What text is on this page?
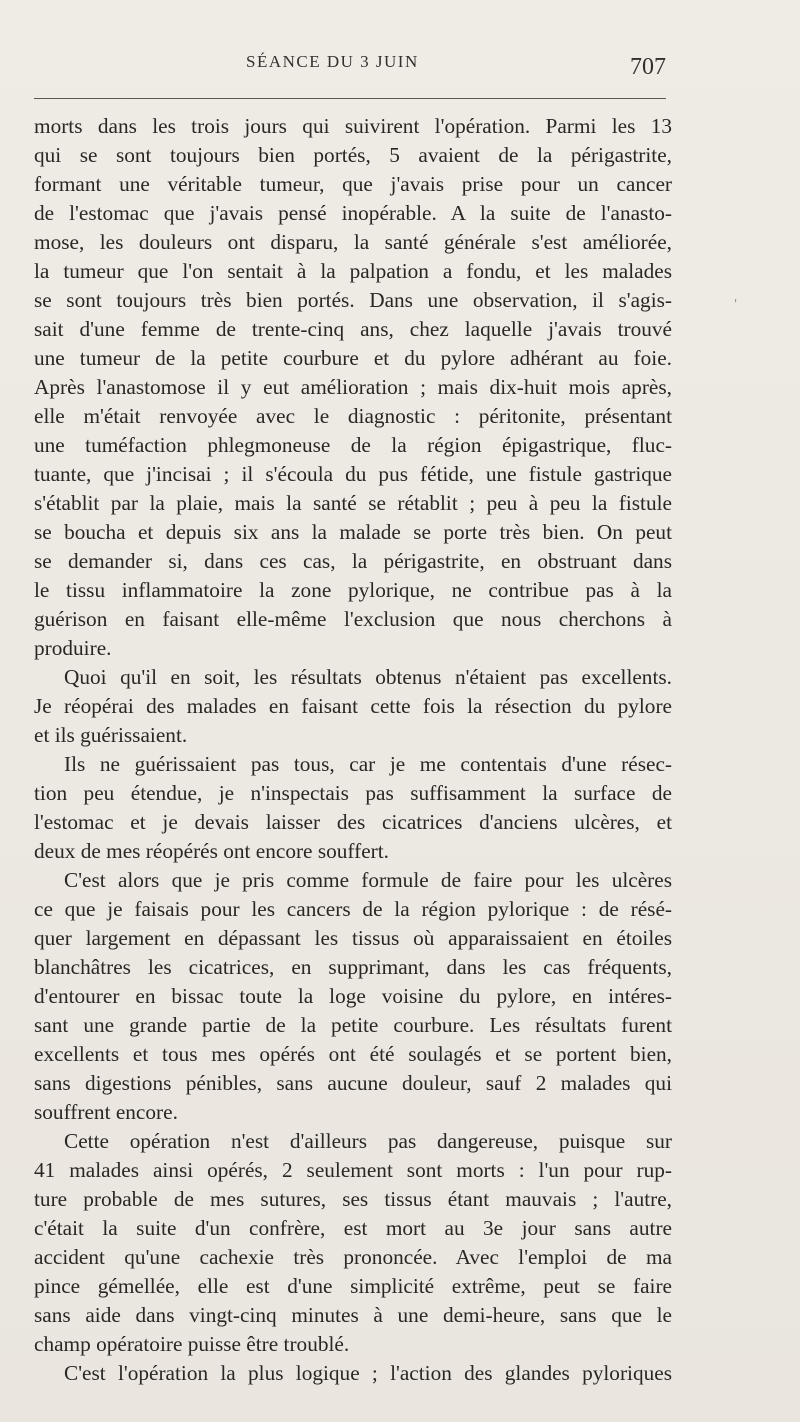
SÉANCE DU 3 JUIN	707
'
morts dans les trois jours qui suivirent l'opération. Parmi les 13
qui se sont toujours bien portés, 5 avaient de la périgastrite,
formant une véritable tumeur, que j'avais prise pour un cancer
de l'estomac que j'avais pensé inopérable. A la suite de l'anasto-
mose, les douleurs ont disparu, la santé générale s'est améliorée,
la tumeur que l'on sentait à la palpation a fondu, et les malades
se sont toujours très bien portés. Dans une observation, il s'agis-
sait d'une femme de trente-cinq ans, chez laquelle j'avais trouvé
une tumeur de la petite courbure et du pylore adhérant au foie.
Après l'anastomose il y eut amélioration ; mais dix-huit mois après,
elle m'était renvoyée avec le diagnostic : péritonite, présentant
une tuméfaction phlegmoneuse de la région épigastrique, fluc-
tuante, que j'incisai ; il s'écoula du pus fétide, une fistule gastrique
s'établit par la plaie, mais la santé se rétablit ; peu à peu la fistule
se boucha et depuis six ans la malade se porte très bien. On peut
se demander si, dans ces cas, la périgastrite, en obstruant dans
le tissu inflammatoire la zone pylorique, ne contribue pas à la
guérison en faisant elle-même l'exclusion que nous cherchons à
produire.
Quoi qu'il en soit, les résultats obtenus n'étaient pas excellents.
Je réopérai des malades en faisant cette fois la résection du pylore
et ils guérissaient.
Ils ne guérissaient pas tous, car je me contentais d'une résec-
tion peu étendue, je n'inspectais pas suffisamment la surface de
l'estomac et je devais laisser des cicatrices d'anciens ulcères, et
deux de mes réopérés ont encore souffert.
C'est alors que je pris comme formule de faire pour les ulcères
ce que je faisais pour les cancers de la région pylorique : de résé-
quer largement en dépassant les tissus où apparaissaient en étoiles
blanchâtres les cicatrices, en supprimant, dans les cas fréquents,
d'entourer en bissac toute la loge voisine du pylore, en intéres-
sant une grande partie de la petite courbure. Les résultats furent
excellents et tous mes opérés ont été soulagés et se portent bien,
sans digestions pénibles, sans aucune douleur, sauf 2 malades qui
souffrent encore.
Cette opération n'est d'ailleurs pas dangereuse, puisque sur
41 malades ainsi opérés, 2 seulement sont morts : l'un pour rup-
ture probable de mes sutures, ses tissus étant mauvais ; l'autre,
c'était la suite d'un confrère, est mort au 3e jour sans autre
accident qu'une cachexie très prononcée. Avec l'emploi de ma
pince gémellée, elle est d'une simplicité extrême, peut se faire
sans aide dans vingt-cinq minutes à une demi-heure, sans que le
champ opératoire puisse être troublé.
C'est l'opération la plus logique ; l'action des glandes pyloriques
